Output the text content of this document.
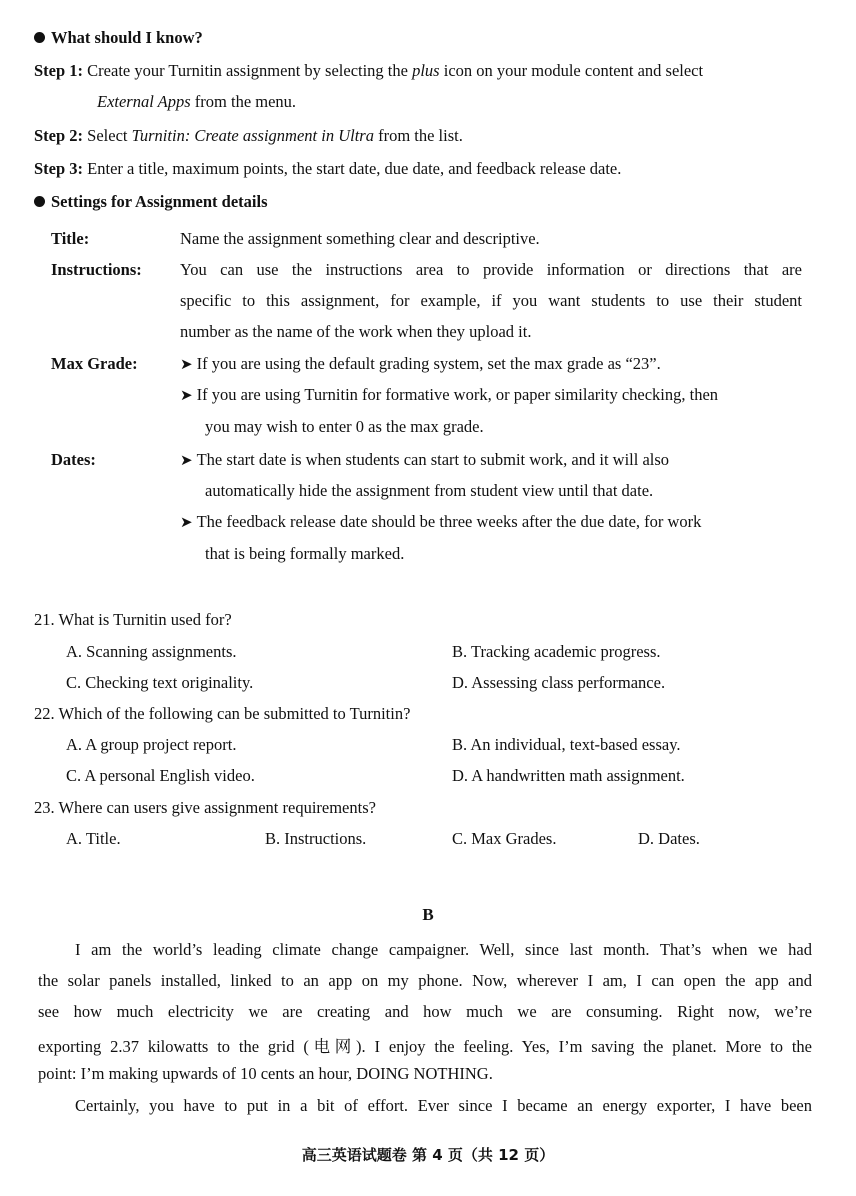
What should I know?
Step 1: Create your Turnitin assignment by selecting the plus icon on your module content and select
External Apps from the menu.
Step 2: Select Turnitin: Create assignment in Ultra from the list.
Step 3: Enter a title, maximum points, the start date, due date, and feedback release date.
Settings for Assignment details
Title:	Name the assignment something clear and descriptive.
Instructions: You can use the instructions area to provide information or directions that are
specific to this assignment, for example, if you want students to use their student
number as the name of the work when they upload it.
Max Grade:	➤ If you are using the default grading system, set the max grade as “23”.
➤ If you are using Turnitin for formative work, or paper similarity checking, then
you may wish to enter 0 as the max grade.
Dates:	➤ The start date is when students can start to submit work, and it will also
automatically hide the assignment from student view until that date.
➤ The feedback release date should be three weeks after the due date, for work
that is being formally marked.
21. What is Turnitin used for?
A. Scanning assignments.	B. Tracking academic progress.
C. Checking text originality.	D. Assessing class performance.
22. Which of the following can be submitted to Turnitin?
A. A group project report.	B. An individual, text-based essay.
C. A personal English video.	D. A handwritten math assignment.
23. Where can users give assignment requirements?
A. Title.	B. Instructions.	C. Max Grades.	D. Dates.
B
I am the world’s leading climate change campaigner. Well, since last month. That’s when we had
the solar panels installed, linked to an app on my phone. Now, wherever I am, I can open the app and
see how much electricity we are creating and how much we are consuming. Right now, we’re
exporting 2.37 kilowatts to the grid (电网). I enjoy the feeling. Yes, I’m saving the planet. More to the
point: I’m making upwards of 10 cents an hour, DOING NOTHING.
Certainly, you have to put in a bit of effort. Ever since I became an energy exporter, I have been
高三英语试题卷 第 4 页（共 12 页）
